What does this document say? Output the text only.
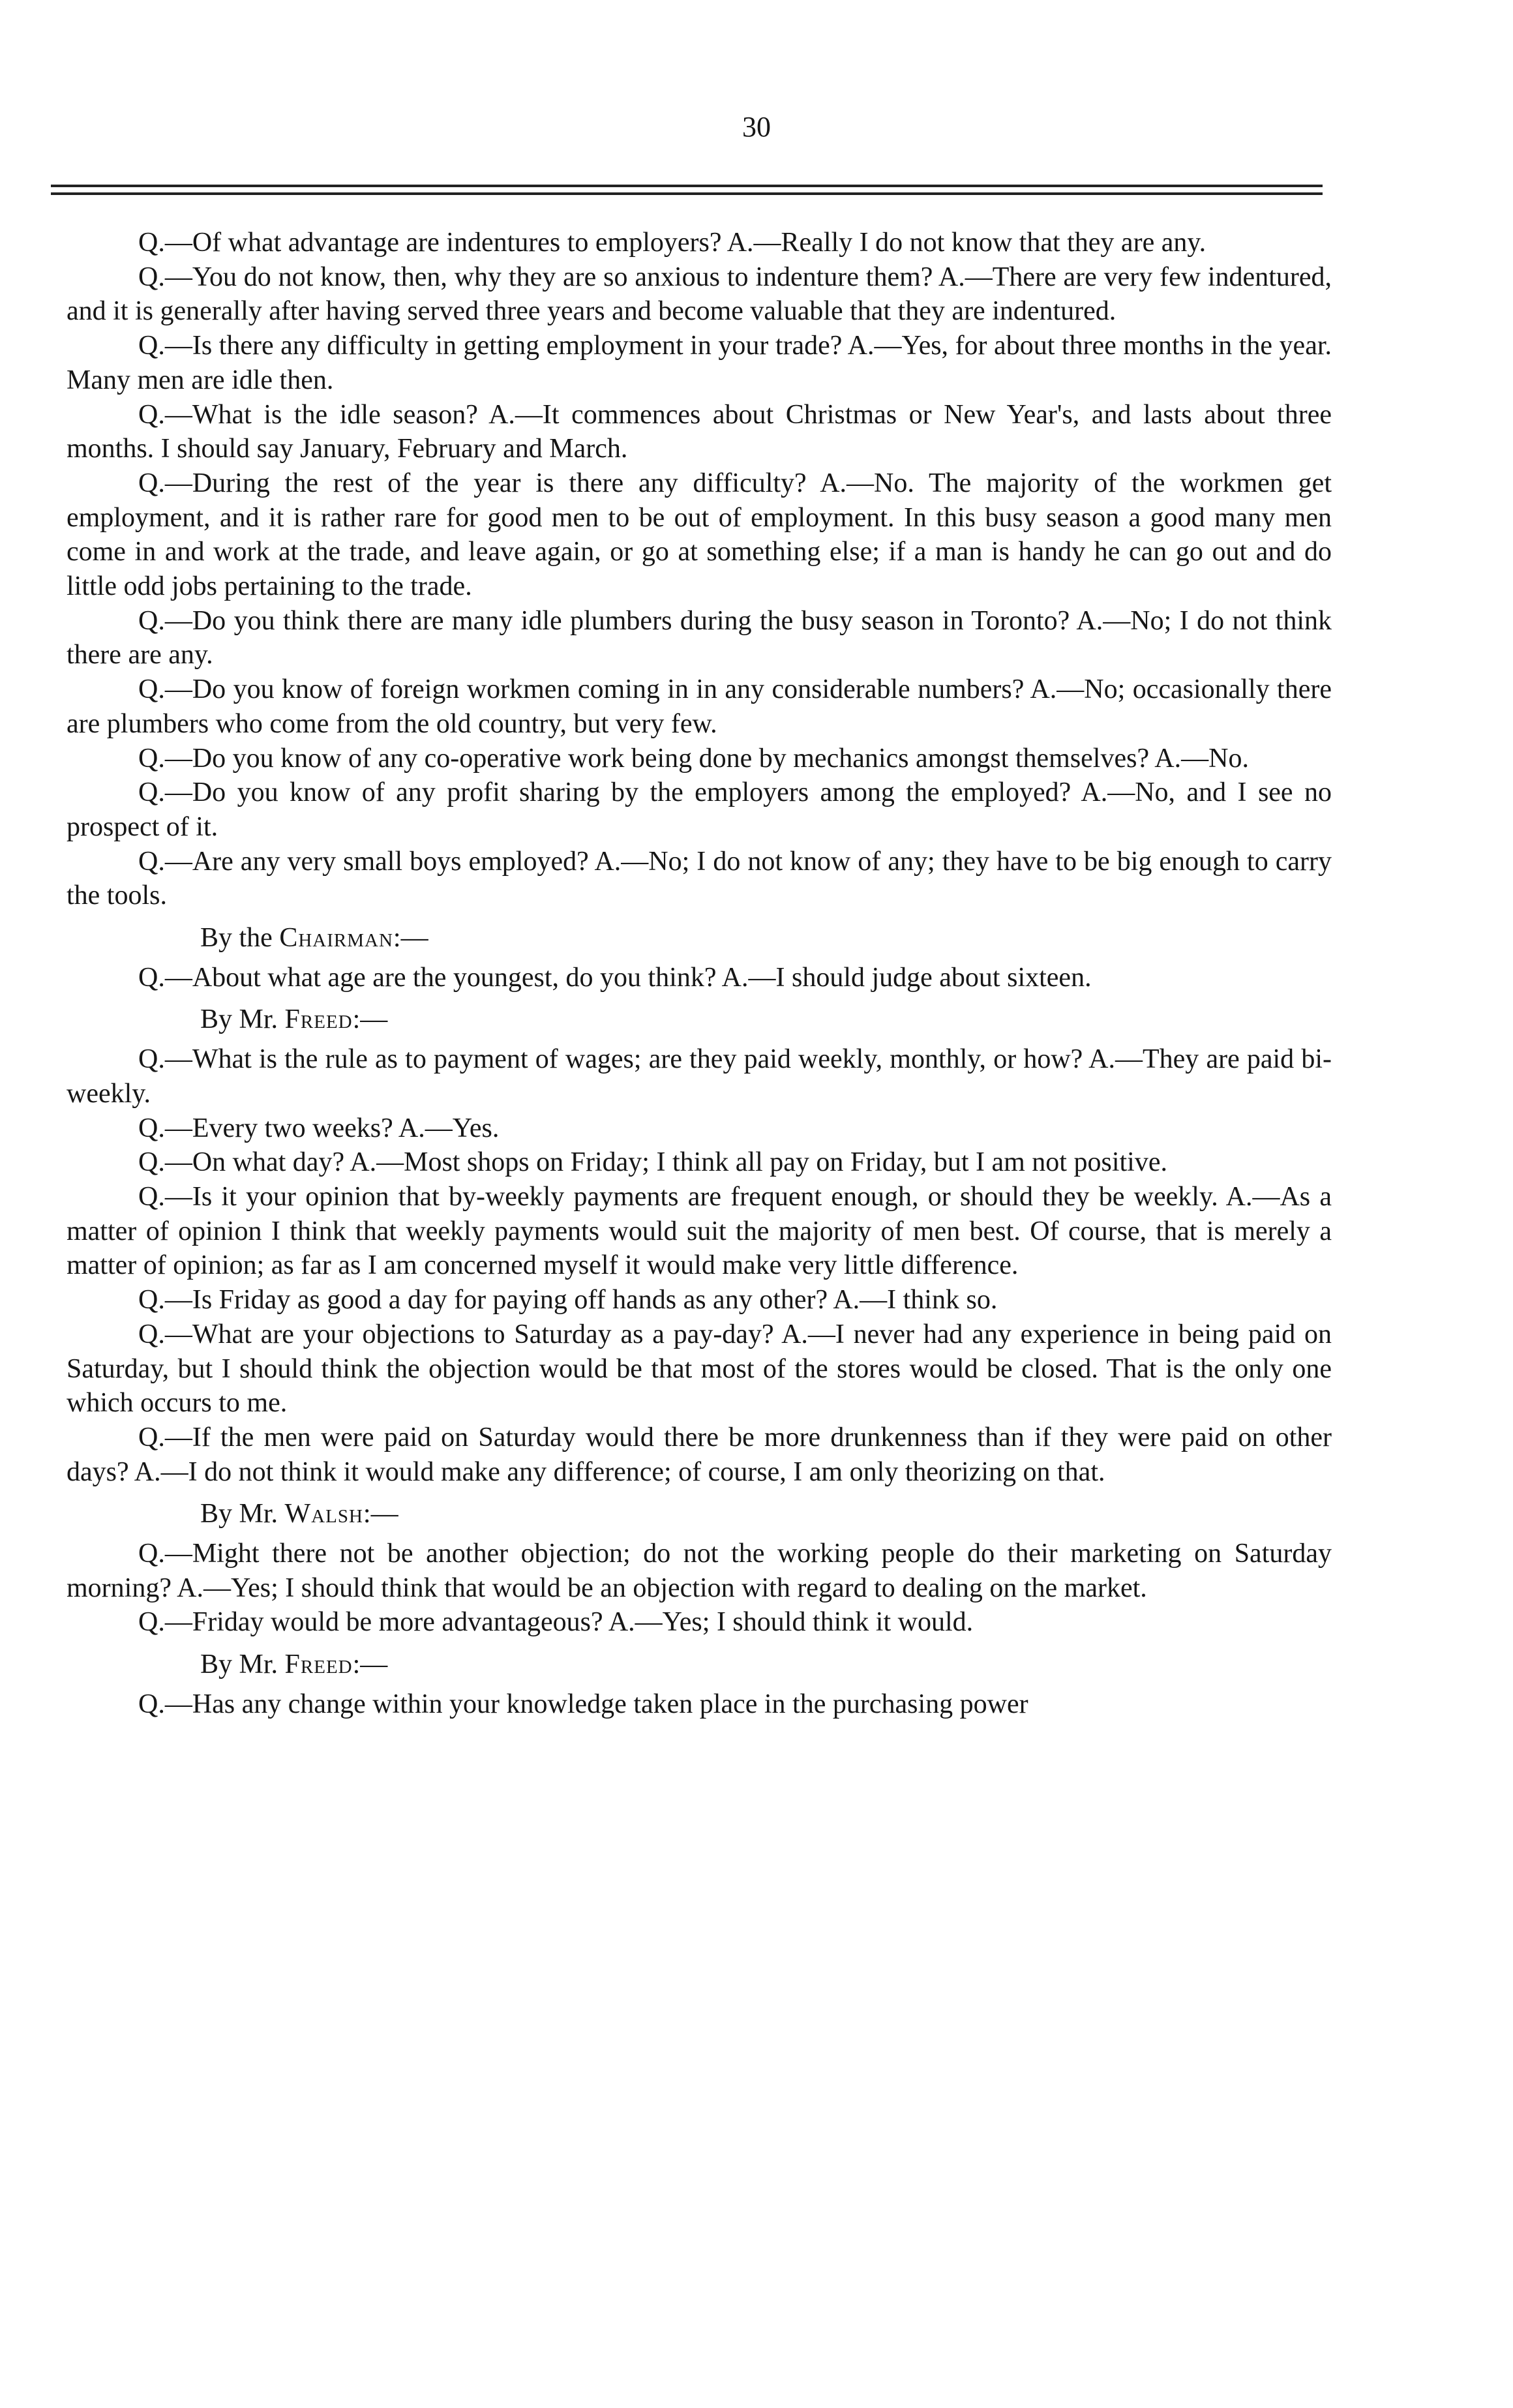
30

Q.—Of what advantage are indentures to employers? A.—Really I do not know that they are any.

Q.—You do not know, then, why they are so anxious to indenture them? A.—There are very few indentured, and it is generally after having served three years and become valuable that they are indentured.

Q.—Is there any difficulty in getting employment in your trade? A.—Yes, for about three months in the year. Many men are idle then.

Q.—What is the idle season? A.—It commences about Christmas or New Year's, and lasts about three months. I should say January, February and March.

Q.—During the rest of the year is there any difficulty? A.—No. The majority of the workmen get employment, and it is rather rare for good men to be out of employment. In this busy season a good many men come in and work at the trade, and leave again, or go at something else; if a man is handy he can go out and do little odd jobs pertaining to the trade.

Q.—Do you think there are many idle plumbers during the busy season in Toronto? A.—No; I do not think there are any.

Q.—Do you know of foreign workmen coming in in any considerable numbers? A.—No; occasionally there are plumbers who come from the old country, but very few.

Q.—Do you know of any co-operative work being done by mechanics amongst themselves? A.—No.

Q.—Do you know of any profit sharing by the employers among the employed? A.—No, and I see no prospect of it.

Q.—Are any very small boys employed? A.—No; I do not know of any; they have to be big enough to carry the tools.

By the Chairman:—

Q.—About what age are the youngest, do you think? A.—I should judge about sixteen.

By Mr. Freed:—

Q.—What is the rule as to payment of wages; are they paid weekly, monthly, or how? A.—They are paid bi-weekly.

Q.—Every two weeks? A.—Yes.

Q.—On what day? A.—Most shops on Friday; I think all pay on Friday, but I am not positive.

Q.—Is it your opinion that by-weekly payments are frequent enough, or should they be weekly. A.—As a matter of opinion I think that weekly payments would suit the majority of men best. Of course, that is merely a matter of opinion; as far as I am concerned myself it would make very little difference.

Q.—Is Friday as good a day for paying off hands as any other? A.—I think so.

Q.—What are your objections to Saturday as a pay-day? A.—I never had any experience in being paid on Saturday, but I should think the objection would be that most of the stores would be closed. That is the only one which occurs to me.

Q.—If the men were paid on Saturday would there be more drunkenness than if they were paid on other days? A.—I do not think it would make any difference; of course, I am only theorizing on that.

By Mr. Walsh:—

Q.—Might there not be another objection; do not the working people do their marketing on Saturday morning? A.—Yes; I should think that would be an objection with regard to dealing on the market.

Q.—Friday would be more advantageous? A.—Yes; I should think it would.

By Mr. Freed:—

Q.—Has any change within your knowledge taken place in the purchasing power
